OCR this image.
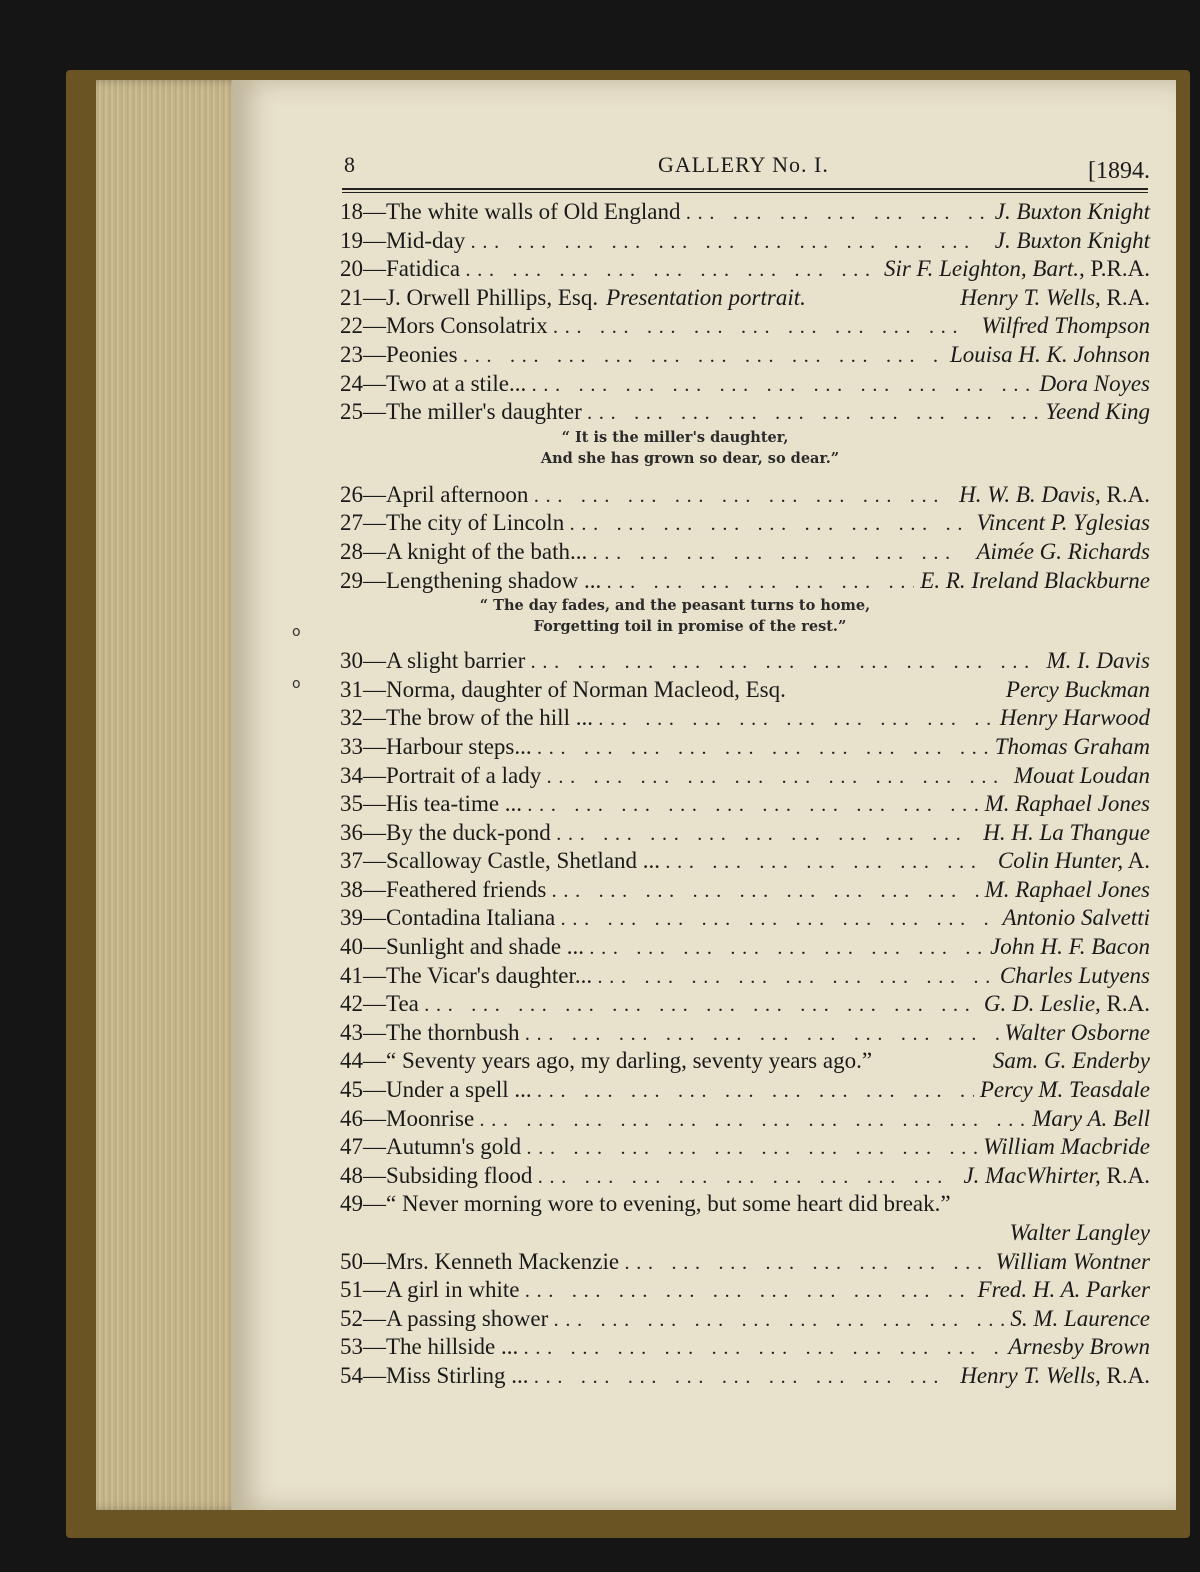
8	GALLERY No. I.	[1894.
o
o
18—The white walls of Old England ... .	J. Buxton Knight
19—Mid-day ... .	J. Buxton Knight
20—Fatidica ... .	Sir F. Leighton, Bart., P.R.A.
21—J. Orwell Phillips, Esq. Presentation portrait.	Henry T. Wells, R.A.
22—Mors Consolatrix ... .	Wilfred Thompson
23—Peonies ... .	Louisa H. K. Johnson
24—Two at a stile... ... .	Dora Noyes
25—The miller's daughter ... .	Yeend King
“ It is the miller's daughter,
And she has grown so dear, so dear.”
26—April afternoon ... .	H. W. B. Davis, R.A.
27—The city of Lincoln ... .	Vincent P. Yglesias
28—A knight of the bath... ... .	Aimée G. Richards
29—Lengthening shadow ... ... .	E. R. Ireland Blackburne
“ The day fades, and the peasant turns to home,
Forgetting toil in promise of the rest.”
30—A slight barrier ... .	M. I. Davis
31—Norma, daughter of Norman Macleod, Esq.	Percy Buckman
32—The brow of the hill ... ... .	Henry Harwood
33—Harbour steps... ... .	Thomas Graham
34—Portrait of a lady ... .	Mouat Loudan
35—His tea-time ... ... .	M. Raphael Jones
36—By the duck-pond ... .	H. H. La Thangue
37—Scalloway Castle, Shetland ... ... .	Colin Hunter, A.
38—Feathered friends ... .	M. Raphael Jones
39—Contadina Italiana ... .	Antonio Salvetti
40—Sunlight and shade ... ... .	John H. F. Bacon
41—The Vicar's daughter... ... .	Charles Lutyens
42—Tea ... .	G. D. Leslie, R.A.
43—The thornbush ... .	Walter Osborne
44—“ Seventy years ago, my darling, seventy years ago.”	Sam. G. Enderby
45—Under a spell ... ... .	Percy M. Teasdale
46—Moonrise ... .	Mary A. Bell
47—Autumn's gold ... .	William Macbride
48—Subsiding flood ... .	J. MacWhirter, R.A.
49—“ Never morning wore to evening, but some heart did break.”
Walter Langley
50—Mrs. Kenneth Mackenzie ... .	William Wontner
51—A girl in white ... .	Fred. H. A. Parker
52—A passing shower ... .	S. M. Laurence
53—The hillside ... ... .	Arnesby Brown
54—Miss Stirling ... ... .	Henry T. Wells, R.A.
